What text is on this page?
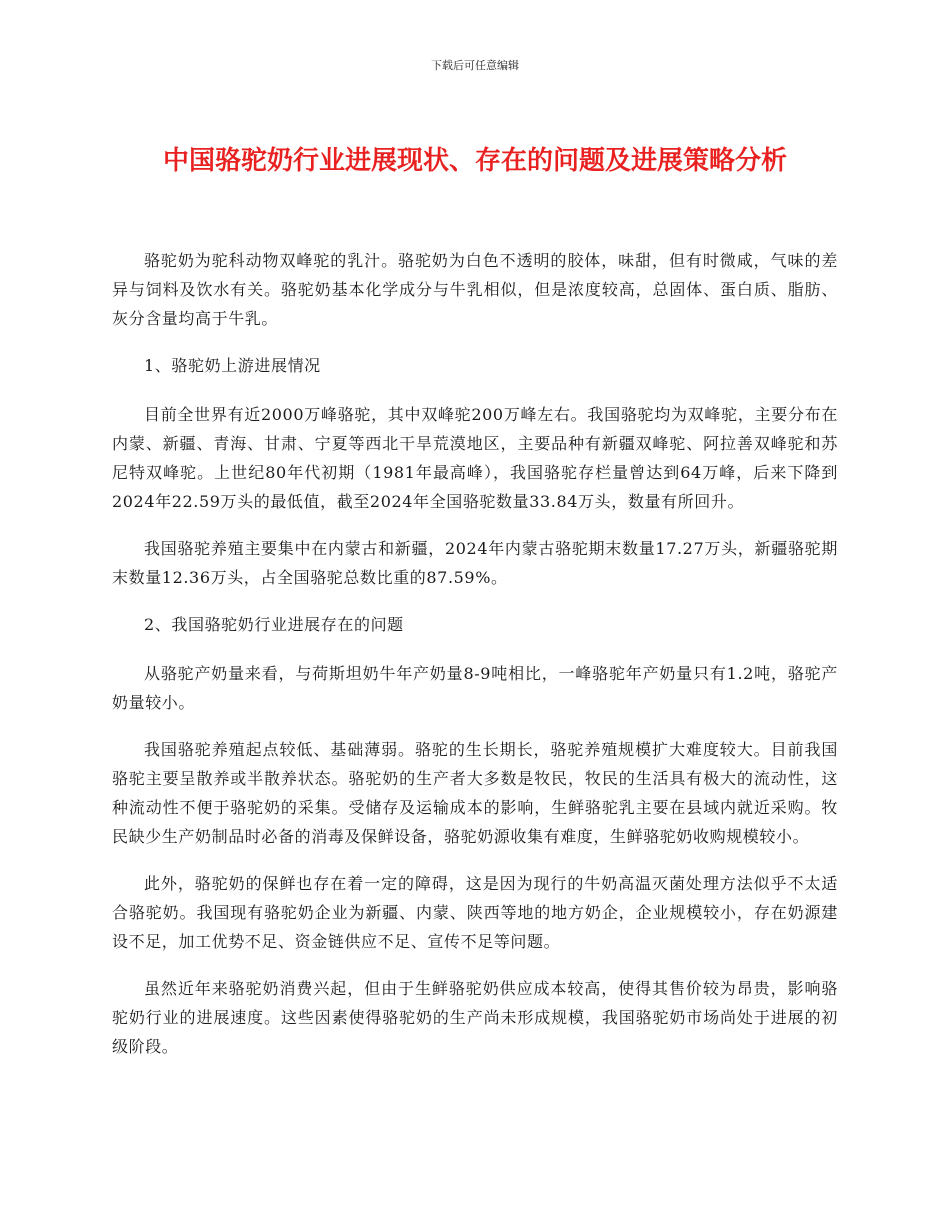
下载后可任意编辑
中国骆驼奶行业进展现状、存在的问题及进展策略分析

骆驼奶为驼科动物双峰驼的乳汁。骆驼奶为白色不透明的胶体，味甜，但有时微咸，气味的差异与饲料及饮水有关。骆驼奶基本化学成分与牛乳相似，但是浓度较高，总固体、蛋白质、脂肪、灰分含量均高于牛乳。

1、骆驼奶上游进展情况

目前全世界有近2000万峰骆驼，其中双峰驼200万峰左右。我国骆驼均为双峰驼，主要分布在内蒙、新疆、青海、甘肃、宁夏等西北干旱荒漠地区，主要品种有新疆双峰驼、阿拉善双峰驼和苏尼特双峰驼。上世纪80年代初期（1981年最高峰），我国骆驼存栏量曾达到64万峰，后来下降到2024年22.59万头的最低值，截至2024年全国骆驼数量33.84万头，数量有所回升。

我国骆驼养殖主要集中在内蒙古和新疆，2024年内蒙古骆驼期末数量17.27万头，新疆骆驼期末数量12.36万头，占全国骆驼总数比重的87.59%。

2、我国骆驼奶行业进展存在的问题

从骆驼产奶量来看，与荷斯坦奶牛年产奶量8-9吨相比，一峰骆驼年产奶量只有1.2吨，骆驼产奶量较小。

我国骆驼养殖起点较低、基础薄弱。骆驼的生长期长，骆驼养殖规模扩大难度较大。目前我国骆驼主要呈散养或半散养状态。骆驼奶的生产者大多数是牧民，牧民的生活具有极大的流动性，这种流动性不便于骆驼奶的采集。受储存及运输成本的影响，生鲜骆驼乳主要在县域内就近采购。牧民缺少生产奶制品时必备的消毒及保鲜设备，骆驼奶源收集有难度，生鲜骆驼奶收购规模较小。

此外，骆驼奶的保鲜也存在着一定的障碍，这是因为现行的牛奶高温灭菌处理方法似乎不太适合骆驼奶。我国现有骆驼奶企业为新疆、内蒙、陕西等地的地方奶企，企业规模较小，存在奶源建设不足，加工优势不足、资金链供应不足、宣传不足等问题。

虽然近年来骆驼奶消费兴起，但由于生鲜骆驼奶供应成本较高，使得其售价较为昂贵，影响骆驼奶行业的进展速度。这些因素使得骆驼奶的生产尚未形成规模，我国骆驼奶市场尚处于进展的初级阶段。
